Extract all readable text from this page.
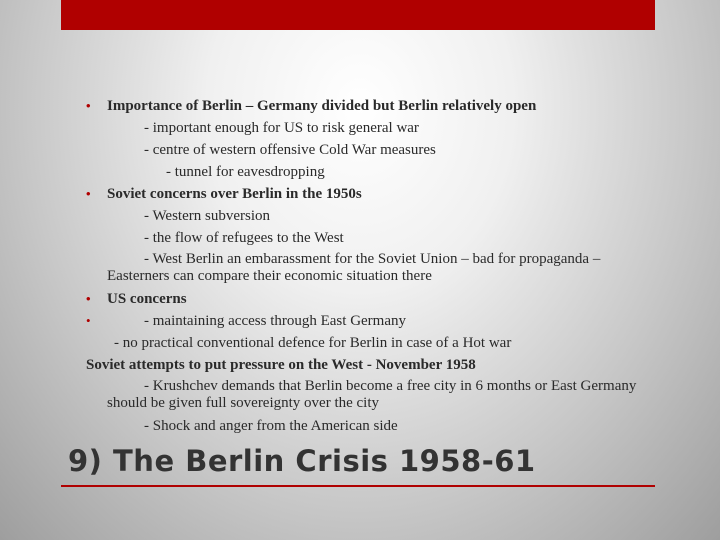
• Importance of Berlin – Germany divided but Berlin relatively open
- important enough for US to risk general war
- centre of western offensive Cold War measures
- tunnel for eavesdropping
• Soviet concerns over Berlin in the 1950s
- Western subversion
- the flow of refugees to the West
- West Berlin an embarassment for the Soviet Union – bad for propaganda – Easterners can compare their economic situation there
• US concerns
•	- maintaining access through East Germany
- no practical conventional defence for Berlin in case of a Hot war
Soviet attempts to put pressure on the West - November 1958
- Krushchev demands that Berlin become a free city in 6 months or East Germany should be given full sovereignty over the city
- Shock and anger from the American side
9) The Berlin Crisis 1958-61
